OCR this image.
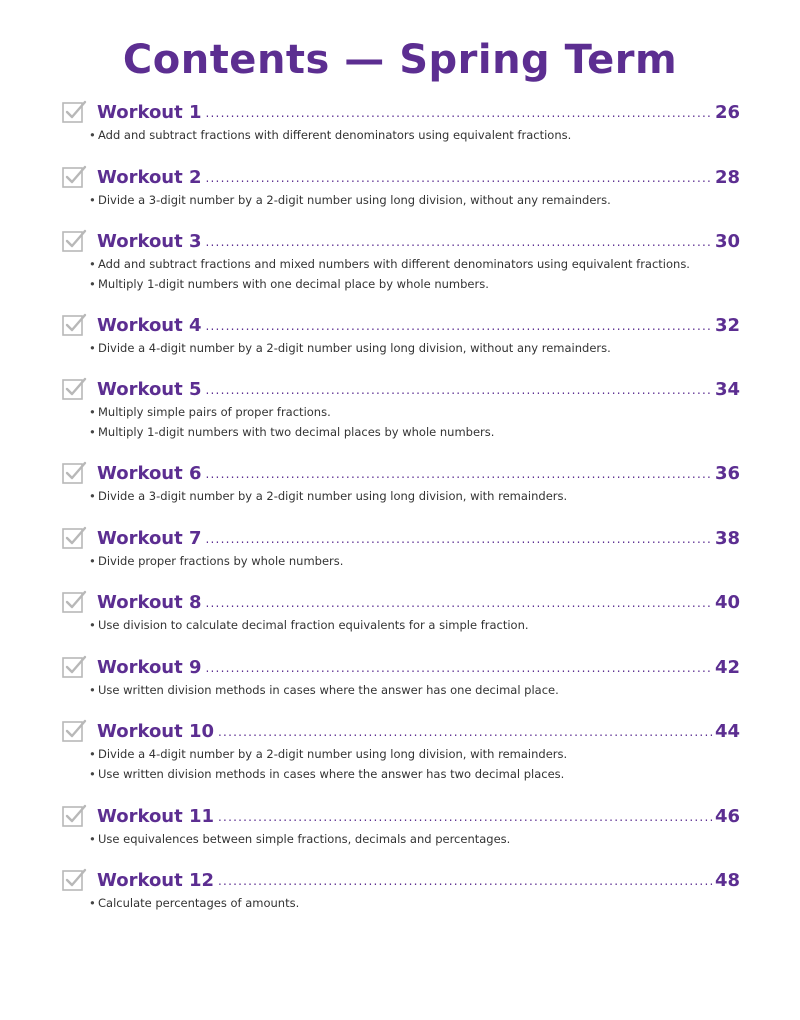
Contents — Spring Term
Workout 1 .....	26
• Add and subtract fractions with different denominators using equivalent fractions.
Workout 2 .....	28
• Divide a 3-digit number by a 2-digit number using long division, without any remainders.
Workout 3 .....	30
• Add and subtract fractions and mixed numbers with different denominators using equivalent fractions.
• Multiply 1-digit numbers with one decimal place by whole numbers.
Workout 4 .....	32
• Divide a 4-digit number by a 2-digit number using long division, without any remainders.
Workout 5 .....	34
• Multiply simple pairs of proper fractions.
• Multiply 1-digit numbers with two decimal places by whole numbers.
Workout 6 .....	36
• Divide a 3-digit number by a 2-digit number using long division, with remainders.
Workout 7 .....	38
• Divide proper fractions by whole numbers.
Workout 8 .....	40
• Use division to calculate decimal fraction equivalents for a simple fraction.
Workout 9 .....	42
• Use written division methods in cases where the answer has one decimal place.
Workout 10 .....	44
• Divide a 4-digit number by a 2-digit number using long division, with remainders.
• Use written division methods in cases where the answer has two decimal places.
Workout 11 .....	46
• Use equivalences between simple fractions, decimals and percentages.
Workout 12 .....	48
• Calculate percentages of amounts.
